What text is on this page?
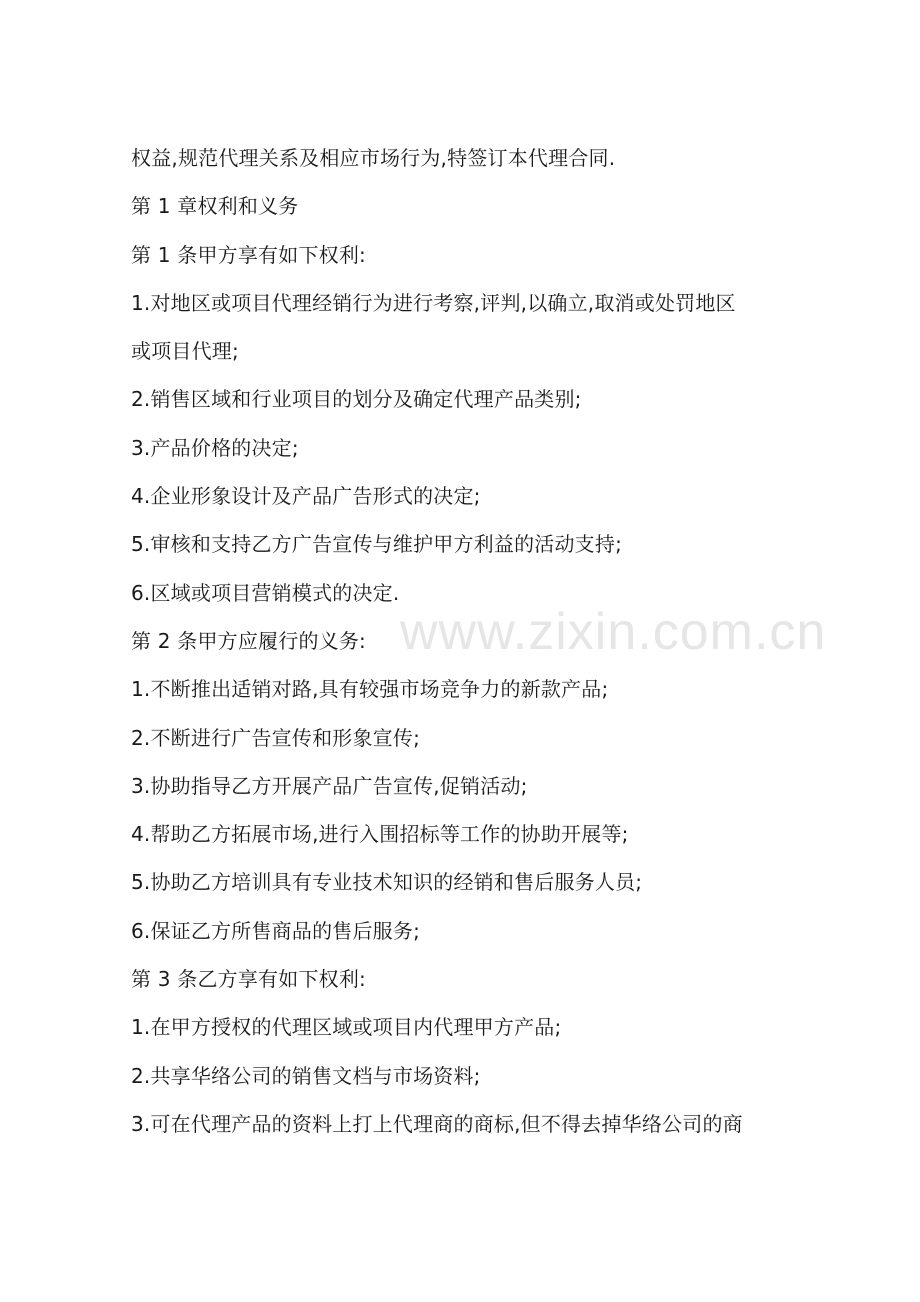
www.zixin.com.cn
权益,规范代理关系及相应市场行为,特签订本代理合同.
第 1 章权利和义务
第 1 条甲方享有如下权利:
1.对地区或项目代理经销行为进行考察,评判,以确立,取消或处罚地区
或项目代理;
2.销售区域和行业项目的划分及确定代理产品类别;
3.产品价格的决定;
4.企业形象设计及产品广告形式的决定;
5.审核和支持乙方广告宣传与维护甲方利益的活动支持;
6.区域或项目营销模式的决定.
第 2 条甲方应履行的义务:
1.不断推出适销对路,具有较强市场竞争力的新款产品;
2.不断进行广告宣传和形象宣传;
3.协助指导乙方开展产品广告宣传,促销活动;
4.帮助乙方拓展市场,进行入围招标等工作的协助开展等;
5.协助乙方培训具有专业技术知识的经销和售后服务人员;
6.保证乙方所售商品的售后服务;
第 3 条乙方享有如下权利:
1.在甲方授权的代理区域或项目内代理甲方产品;
2.共享华络公司的销售文档与市场资料;
3.可在代理产品的资料上打上代理商的商标,但不得去掉华络公司的商
